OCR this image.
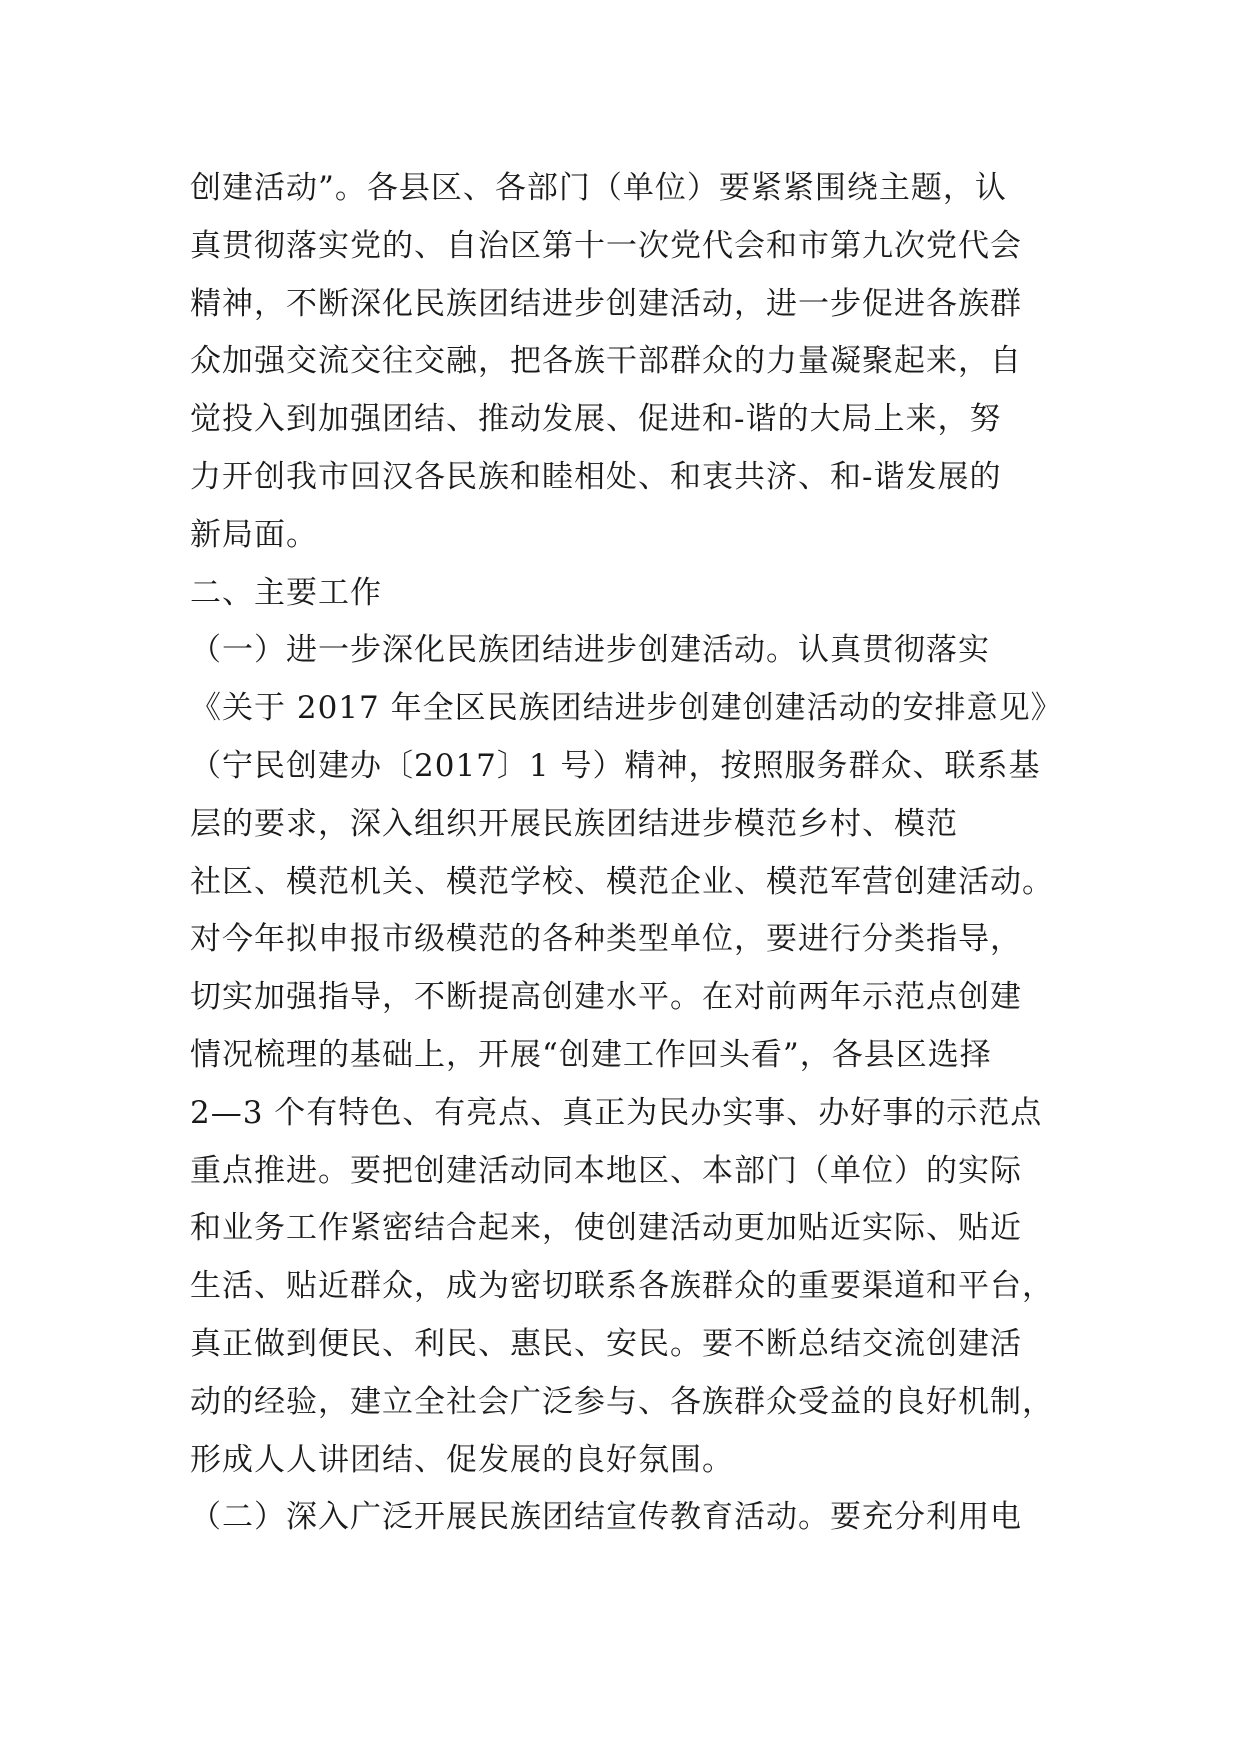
创建活动”。各县区、各部门（单位）要紧紧围绕主题，认

真贯彻落实党的、自治区第十一次党代会和市第九次党代会

精神，不断深化民族团结进步创建活动，进一步促进各族群

众加强交流交往交融，把各族干部群众的力量凝聚起来，自

觉投入到加强团结、推动发展、促进和-谐的大局上来，努

力开创我市回汉各民族和睦相处、和衷共济、和-谐发展的

新局面。

二、主要工作

（一）进一步深化民族团结进步创建活动。认真贯彻落实

《关于 2017 年全区民族团结进步创建创建活动的安排意见》

（宁民创建办〔2017〕1 号）精神，按照服务群众、联系基

层的要求，深入组织开展民族团结进步模范乡村、模范

社区、模范机关、模范学校、模范企业、模范军营创建活动。

对今年拟申报市级模范的各种类型单位，要进行分类指导，

切实加强指导，不断提高创建水平。在对前两年示范点创建

情况梳理的基础上，开展“创建工作回头看”，各县区选择

2—3 个有特色、有亮点、真正为民办实事、办好事的示范点

重点推进。要把创建活动同本地区、本部门（单位）的实际

和业务工作紧密结合起来，使创建活动更加贴近实际、贴近

生活、贴近群众，成为密切联系各族群众的重要渠道和平台，

真正做到便民、利民、惠民、安民。要不断总结交流创建活

动的经验，建立全社会广泛参与、各族群众受益的良好机制，

形成人人讲团结、促发展的良好氛围。

（二）深入广泛开展民族团结宣传教育活动。要充分利用电
